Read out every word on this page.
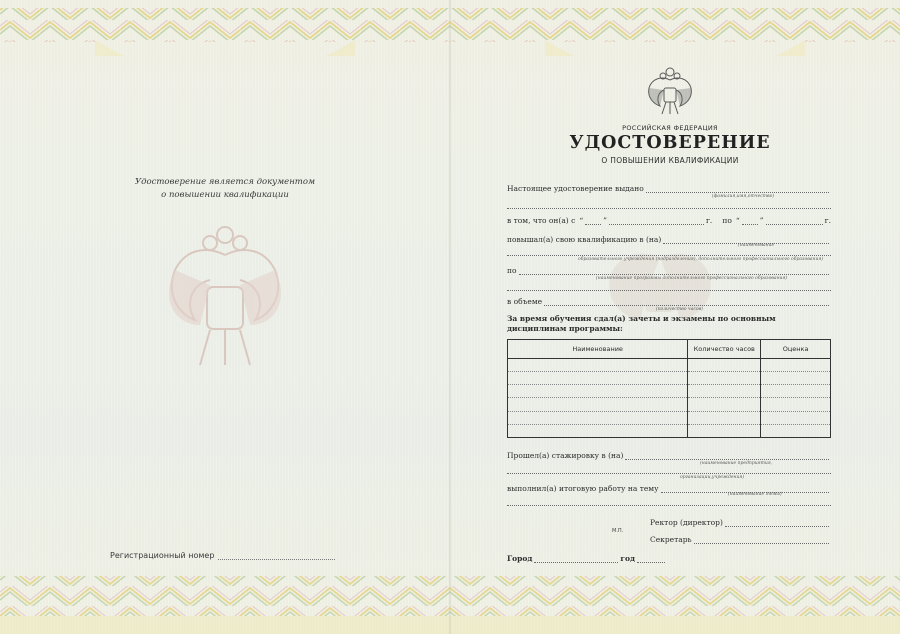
Удостоверение является документом
о повышении квалификации
Регистрационный номер
РОССИЙСКАЯ ФЕДЕРАЦИЯ
УДОСТОВЕРЕНИЕ
О ПОВЫШЕНИИ КВАЛИФИКАЦИИ
Настоящее удостоверение выдано
(фамилия,имя,отчество)
в том, что он(а) с “	”	г. по “	”	г.
повышал(а) свою квалификацию в (на)
(наименование
образовательного учреждения (подразделения), дополнительного профессионального образования)
по
(наименование программы дополнительного профессионального образования)
в объеме
(количество часов)
За время обучения сдал(а) зачеты и экзамены по основным дисциплинам программы:
Наименование	Количество часов	Оценка

Прошел(а) стажировку в (на)
(наименование предприятия,
организации,учреждения)
выполнил(а) итоговую работу на тему
(наименование темы)
М.П.
Ректор (директор)
Секретарь
Город	год
